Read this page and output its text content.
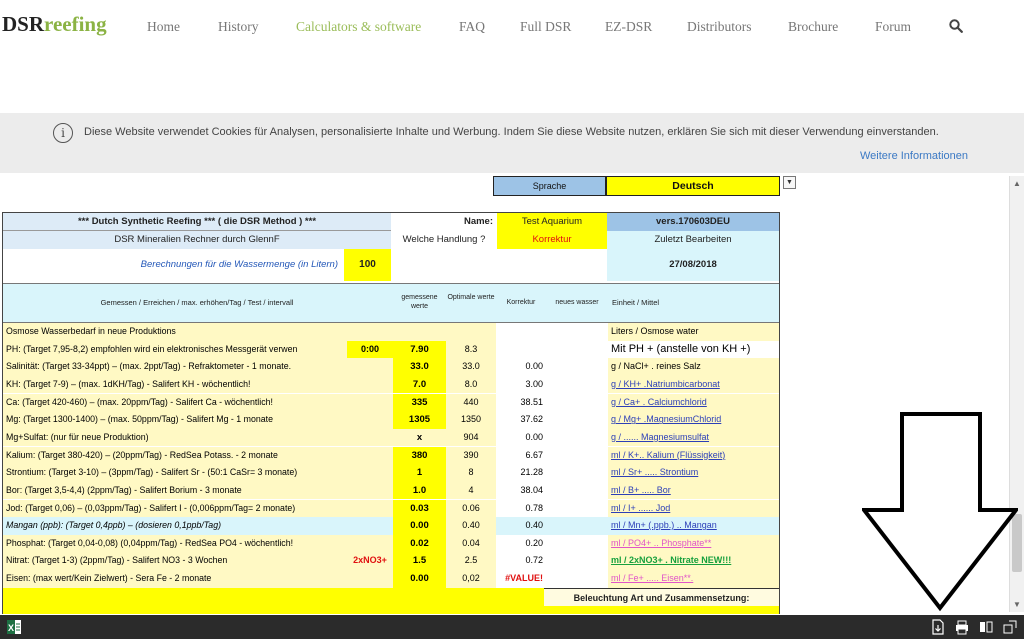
DSRreefing	Home	History	Calculators & software	FAQ	Full DSR EZ-DSR	Distributors	Brochure	Forum
i	Diese Website verwendet Cookies für Analysen, personalisierte Inhalte und Werbung. Indem Sie diese Website nutzen, erklären Sie sich mit dieser Verwendung einverstanden.
Weitere Informationen
Sprache	Deutsch	▼
*** Dutch Synthetic Reefing *** ( die DSR Method ) ***
DSR Mineralien Rechner durch GlennF
Berechnungen für die Wassermenge (in Litern)	100
Name:	Test Aquarium	vers.170603DEU
Welche Handlung ?	Korrektur	Zuletzt Bearbeiten
27/08/2018
Gemessen / Erreichen / max. erhöhen/Tag / Test / intervall
gemessene werte
Optimale werte
Korrektur	neues wasser	Einheit / Mittel
Osmose Wasserbedarf in neue Produktions	Liters / Osmose water
PH: (Target 7,95-8,2) empfohlen wird ein elektronisches Messgerät verwen	0:00	7.90	8.3	Mit PH + (anstelle von KH +)
Salinität: (Target 33-34ppt) – (max. 2ppt/Tag) - Refraktometer - 1 monate.	33.0	33.0	0.00	g / NaCl+ . reines Salz
KH: (Target 7-9) – (max. 1dKH/Tag) - Salifert KH - wöchentlich!	7.0	8.0	3.00	g / KH+ .Natriumbicarbonat
Ca: (Target 420-460) – (max. 20ppm/Tag) - Salifert Ca - wöchentlich!	335	440	38.51	g / Ca+ . Calciumchlorid
Mg: (Target 1300-1400) – (max. 50ppm/Tag) - Salifert Mg - 1 monate	1305	1350	37.62	g / Mg+ .MagnesiumChlorid
Mg+Sulfat: (nur für neue Produktion)	x	904	0.00	g / ...... Magnesiumsulfat
Kalium: (Target 380-420) – (20ppm/Tag) - RedSea Potass. - 2 monate	380	390	6.67	ml / K+.. Kalium (Flüssigkeit)
Strontium: (Target 3-10) – (3ppm/Tag) - Salifert Sr - (50:1 CaSr= 3 monate)	1	8	21.28	ml / Sr+ ..... Strontium
Bor: (Target 3,5-4,4) (2ppm/Tag) - Salifert Borium - 3 monate	1.0	4	38.04	ml / B+ ..... Bor
Jod: (Target 0,06) – (0,03ppm/Tag) - Salifert I - (0,006ppm/Tag= 2 monate)	0.03	0.06	0.78	ml / I+ ...... Jod
Mangan (ppb): (Target 0,4ppb) – (dosieren 0,1ppb/Tag)	0.00	0.40	0.40	ml / Mn+ (.ppb.) .. Mangan
Phosphat: (Target 0,04-0,08) (0,04ppm/Tag) - RedSea PO4 - wöchentlich!	0.02	0.04	0.20	ml / PO4+ .. Phosphate**
Nitrat: (Target 1-3) (2ppm/Tag) - Salifert NO3 - 3 Wochen	2xNO3+	1.5	2.5	0.72	ml / 2xNO3+ . Nitrate NEW!!!
Eisen: (max wert/Kein Zielwert) - Sera Fe - 2 monate	0.00	0,02	#VALUE!	ml / Fe+ ..... Eisen**.
Beleuchtung Art und Zusammensetzung:
▲
▼
X
